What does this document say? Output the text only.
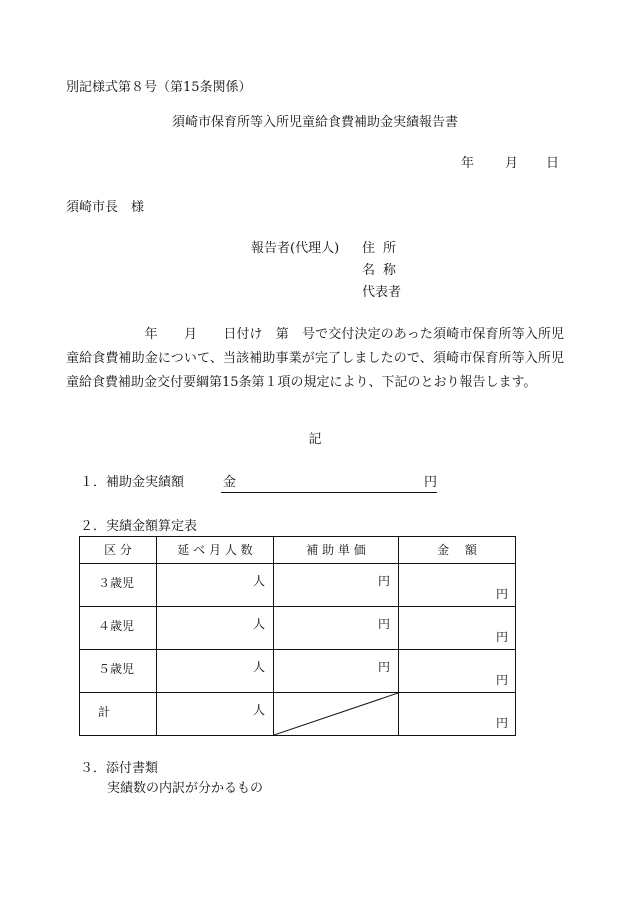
別記様式第８号（第15条関係）
須崎市保育所等入所児童給食費補助金実績報告書
年 月 日
須崎市長　様
報告者(代理人) 住所
名称
代表者
　　　　　　年　　月　　日付け　第　号で交付決定のあった須崎市保育所等入所児童給食費補助金について、当該補助事業が完了しましたので、須崎市保育所等入所児童給食費補助金交付要綱第15条第１項の規定により、下記のとおり報告します。
記
１．補助金実績額	金	円
２．実績金額算定表
区 分	延 べ 月 人 数	補 助 単 価	金　 額

３歳児	人	円	円

４歳児	人	円	円

５歳児	人	円	円

計	人		円
３．添付書類
実績数の内訳が分かるもの
